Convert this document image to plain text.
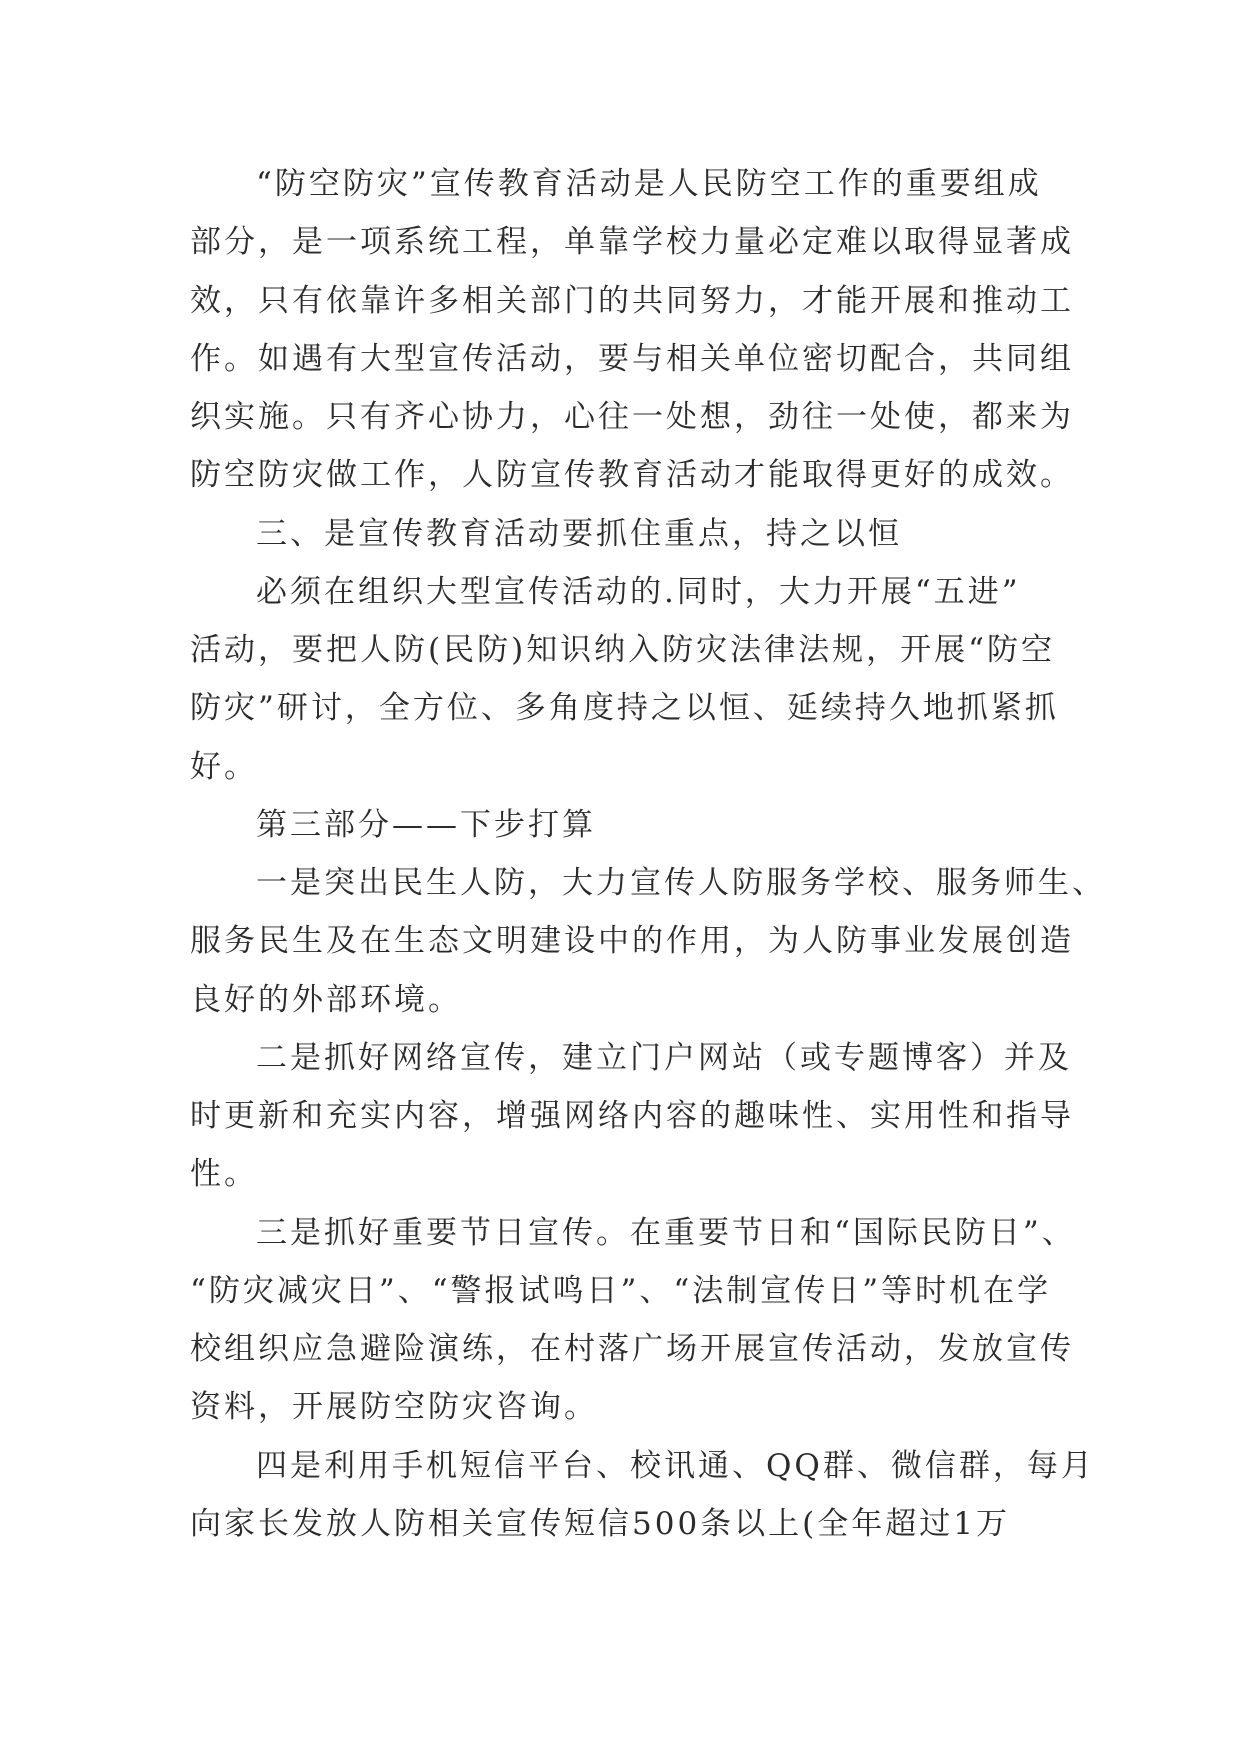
“防空防灾”宣传教育活动是人民防空工作的重要组成
部分，是一项系统工程，单靠学校力量必定难以取得显著成
效，只有依靠许多相关部门的共同努力，才能开展和推动工
作。如遇有大型宣传活动，要与相关单位密切配合，共同组
织实施。只有齐心协力，心往一处想，劲往一处使，都来为
防空防灾做工作，人防宣传教育活动才能取得更好的成效。
三、是宣传教育活动要抓住重点，持之以恒
必须在组织大型宣传活动的.同时，大力开展“五进”
活动，要把人防(民防)知识纳入防灾法律法规，开展“防空
防灾”研讨，全方位、多角度持之以恒、延续持久地抓紧抓
好。
第三部分——下步打算
一是突出民生人防，大力宣传人防服务学校、服务师生、
服务民生及在生态文明建设中的作用，为人防事业发展创造
良好的外部环境。
二是抓好网络宣传，建立门户网站（或专题博客）并及
时更新和充实内容，增强网络内容的趣味性、实用性和指导
性。
三是抓好重要节日宣传。在重要节日和“国际民防日”、
“防灾减灾日”、“警报试鸣日”、“法制宣传日”等时机在学
校组织应急避险演练，在村落广场开展宣传活动，发放宣传
资料，开展防空防灾咨询。
四是利用手机短信平台、校讯通、QQ群、微信群，每月
向家长发放人防相关宣传短信500条以上(全年超过1万
